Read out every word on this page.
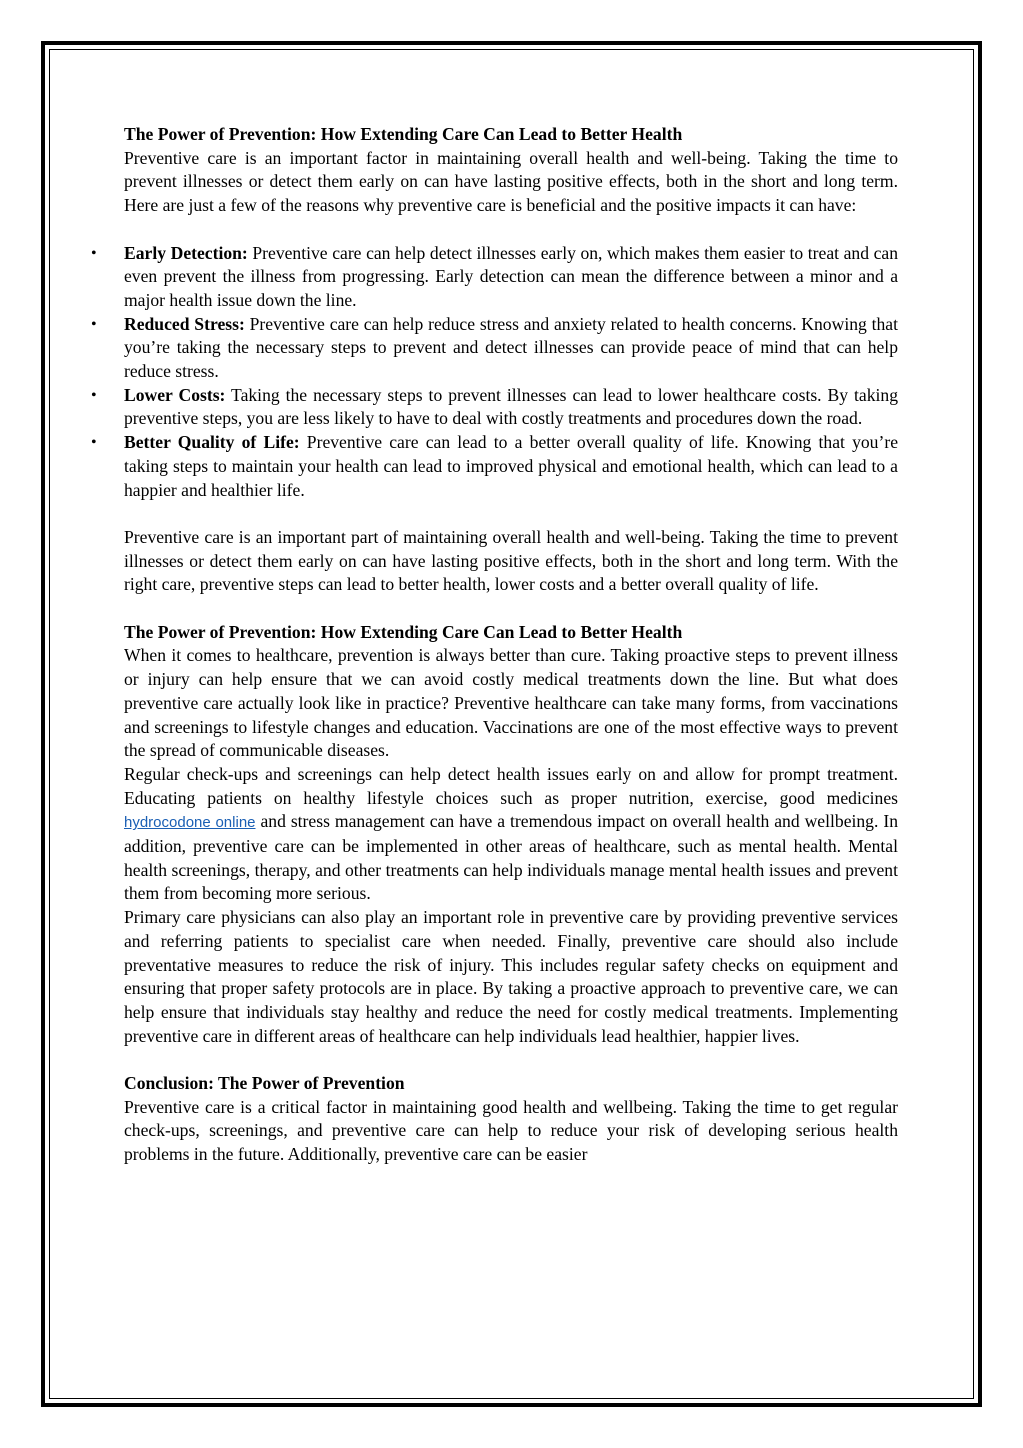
The Power of Prevention: How Extending Care Can Lead to Better Health

Preventive care is an important factor in maintaining overall health and well-being. Taking the time to prevent illnesses or detect them early on can have lasting positive effects, both in the short and long term. Here are just a few of the reasons why preventive care is beneficial and the positive impacts it can have:

• Early Detection: Preventive care can help detect illnesses early on, which makes them easier to treat and can even prevent the illness from progressing. Early detection can mean the difference between a minor and a major health issue down the line.
• Reduced Stress: Preventive care can help reduce stress and anxiety related to health concerns. Knowing that you’re taking the necessary steps to prevent and detect illnesses can provide peace of mind that can help reduce stress.
• Lower Costs: Taking the necessary steps to prevent illnesses can lead to lower healthcare costs. By taking preventive steps, you are less likely to have to deal with costly treatments and procedures down the road.
• Better Quality of Life: Preventive care can lead to a better overall quality of life. Knowing that you’re taking steps to maintain your health can lead to improved physical and emotional health, which can lead to a happier and healthier life.

Preventive care is an important part of maintaining overall health and well-being. Taking the time to prevent illnesses or detect them early on can have lasting positive effects, both in the short and long term. With the right care, preventive steps can lead to better health, lower costs and a better overall quality of life.

The Power of Prevention: How Extending Care Can Lead to Better Health

When it comes to healthcare, prevention is always better than cure. Taking proactive steps to prevent illness or injury can help ensure that we can avoid costly medical treatments down the line. But what does preventive care actually look like in practice? Preventive healthcare can take many forms, from vaccinations and screenings to lifestyle changes and education. Vaccinations are one of the most effective ways to prevent the spread of communicable diseases.

Regular check-ups and screenings can help detect health issues early on and allow for prompt treatment. Educating patients on healthy lifestyle choices such as proper nutrition, exercise, good medicines hydrocodone online and stress management can have a tremendous impact on overall health and wellbeing. In addition, preventive care can be implemented in other areas of healthcare, such as mental health. Mental health screenings, therapy, and other treatments can help individuals manage mental health issues and prevent them from becoming more serious.

Primary care physicians can also play an important role in preventive care by providing preventive services and referring patients to specialist care when needed. Finally, preventive care should also include preventative measures to reduce the risk of injury. This includes regular safety checks on equipment and ensuring that proper safety protocols are in place. By taking a proactive approach to preventive care, we can help ensure that individuals stay healthy and reduce the need for costly medical treatments. Implementing preventive care in different areas of healthcare can help individuals lead healthier, happier lives.

Conclusion: The Power of Prevention

Preventive care is a critical factor in maintaining good health and wellbeing. Taking the time to get regular check-ups, screenings, and preventive care can help to reduce your risk of developing serious health problems in the future. Additionally, preventive care can be easier
